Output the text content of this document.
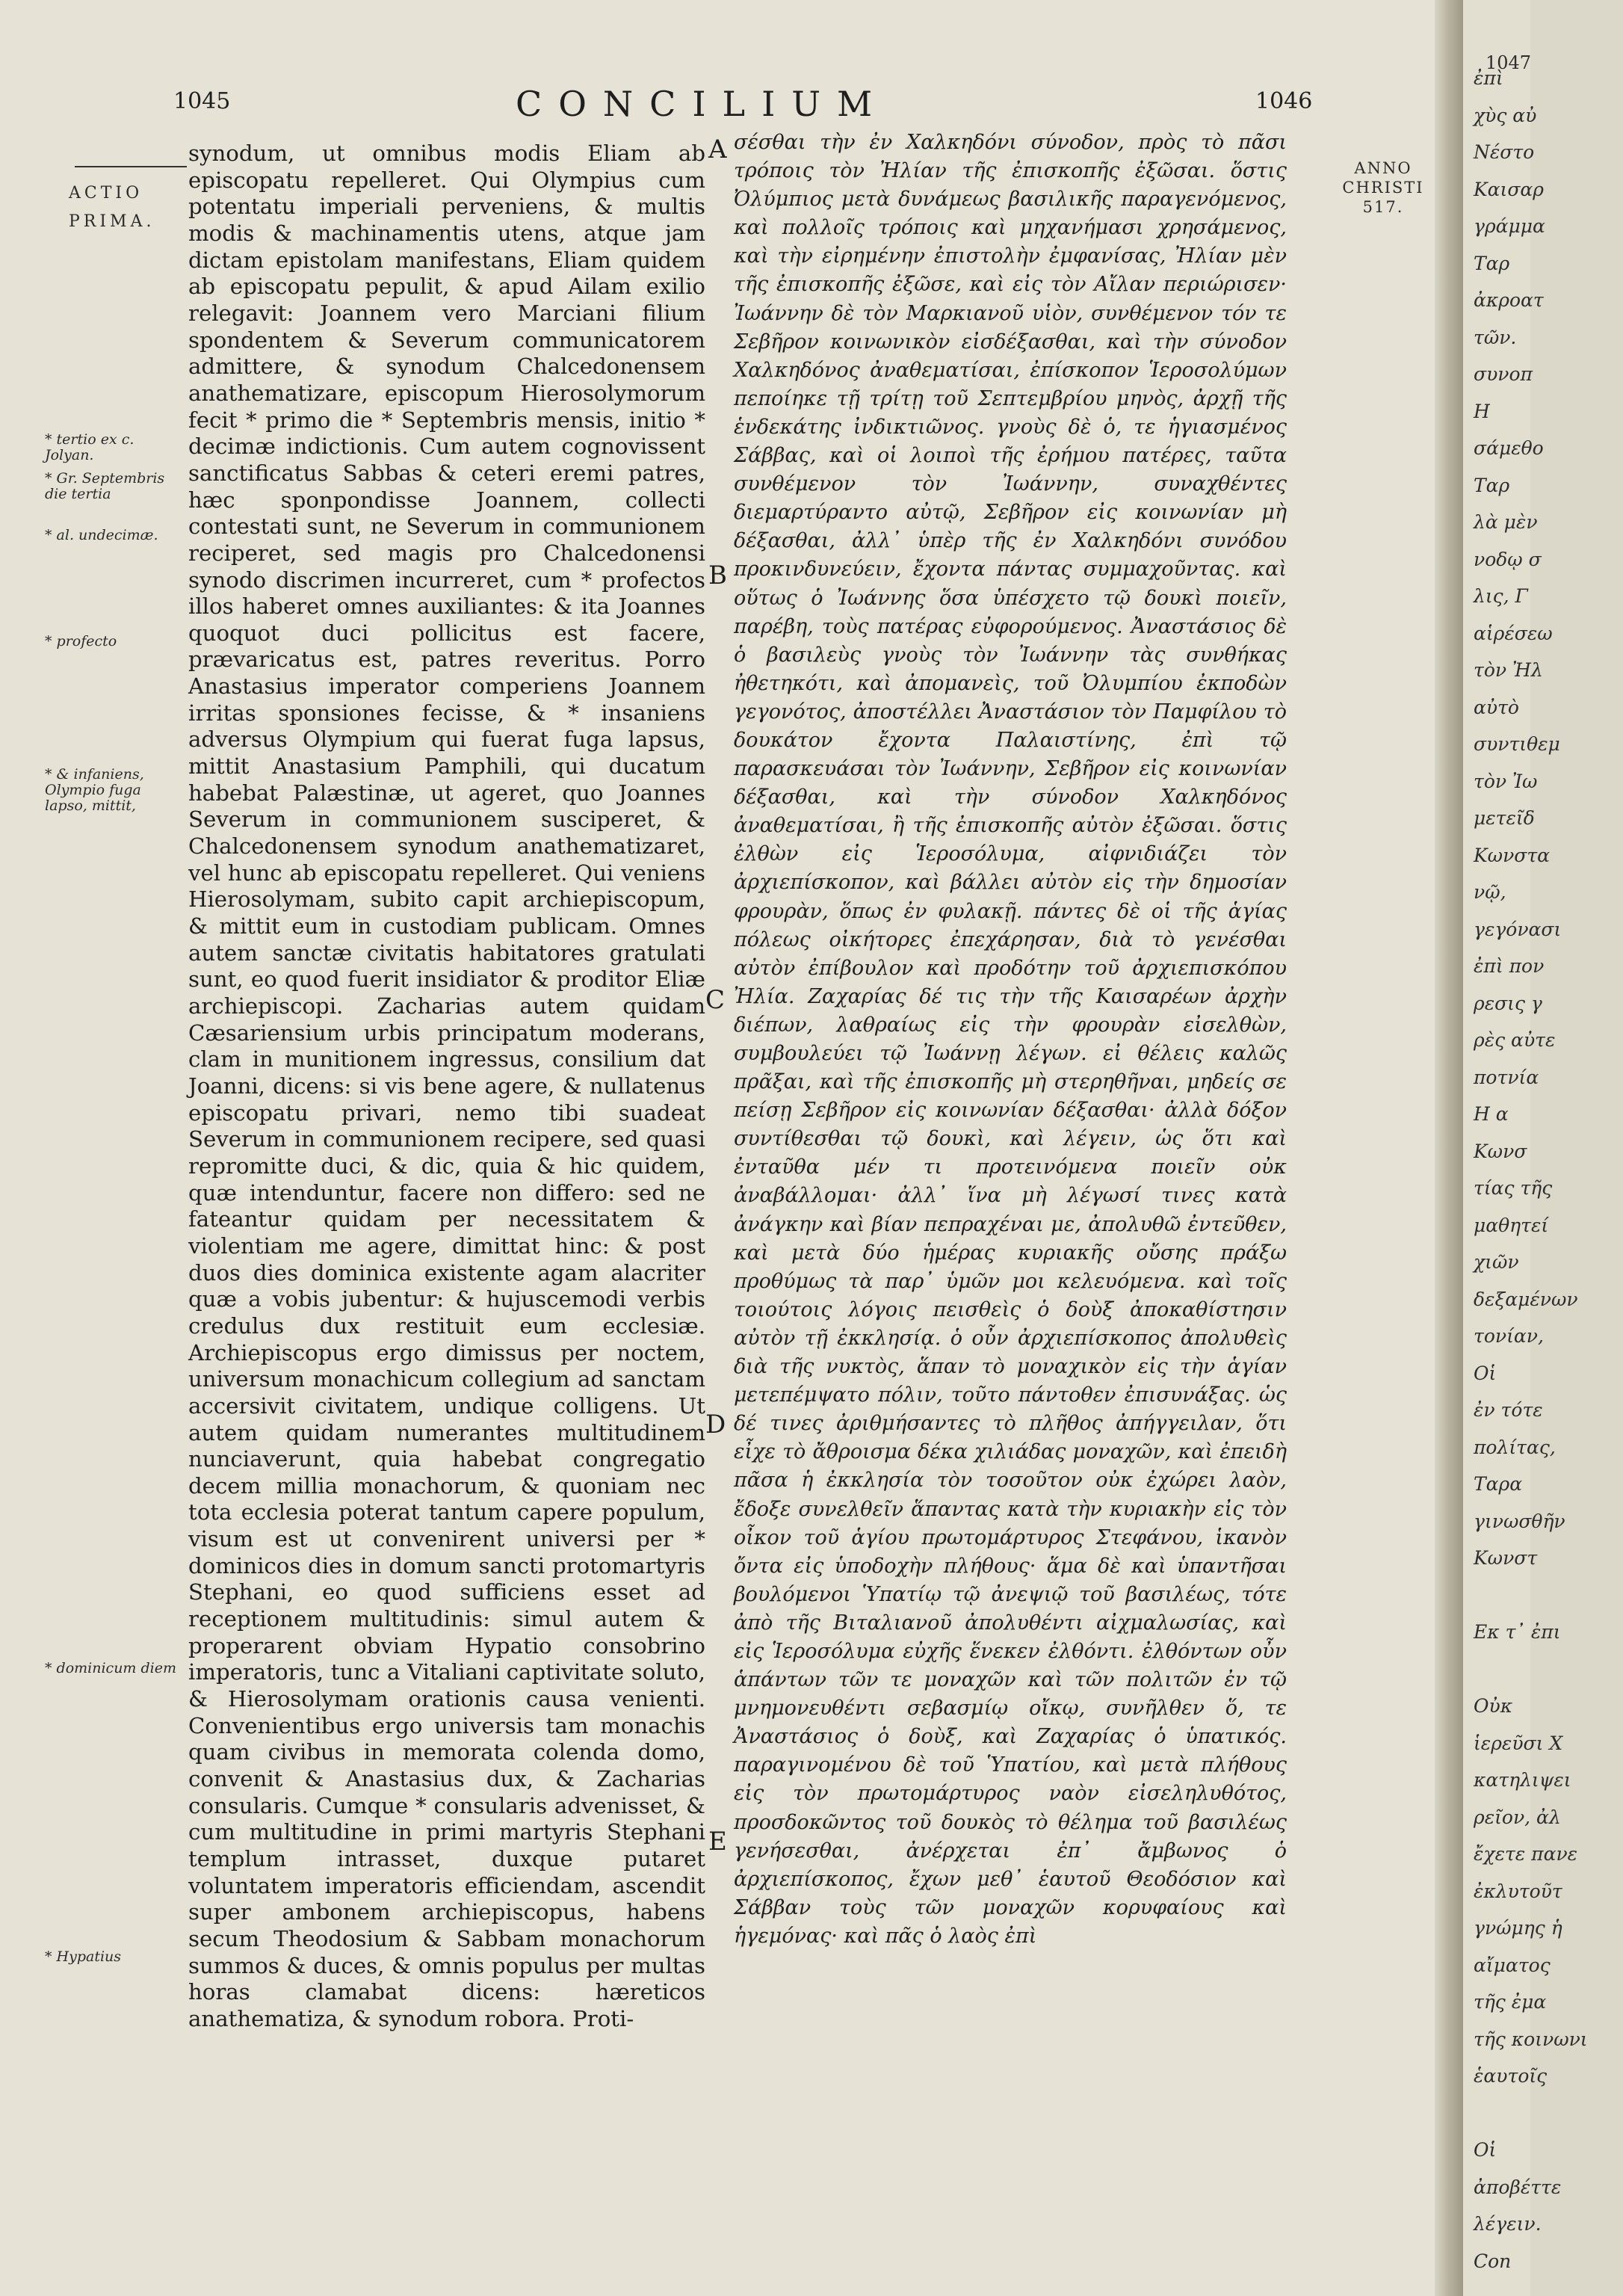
1045	CONCILIUM	1046
ACTIO
PRIMA.
* tertio ex c. Jolyan.
* Gr. Septembris die tertia
* al. undecimæ.
* profecto
* & infaniens, Olympio fuga lapso, mittit,
* dominicum diem
* Hypatius
synodum, ut omnibus modis Eliam ab episcopatu repelleret. Qui Olympius cum potentatu imperiali perveniens, & multis modis & machinamentis utens, atque jam dictam epistolam manifestans, Eliam quidem ab episcopatu pepulit, & apud Ailam exilio relegavit: Joannem vero Marciani filium spondentem & Severum communicatorem admittere, & synodum Chalcedonensem anathematizare, episcopum Hierosolymorum fecit * primo die * Septembris mensis, initio * decimæ indictionis. Cum autem cognovissent sanctificatus Sabbas & ceteri eremi patres, hæc sponpondisse Joannem, collecti contestati sunt, ne Severum in communionem reciperet, sed magis pro Chalcedonensi synodo discrimen incurreret, cum * profectos illos haberet omnes auxiliantes: & ita Joannes quoquot duci pollicitus est facere, prævaricatus est, patres reveritus. Porro Anastasius imperator comperiens Joannem irritas sponsiones fecisse, & * insaniens adversus Olympium qui fuerat fuga lapsus, mittit Anastasium Pamphili, qui ducatum habebat Palæstinæ, ut ageret, quo Joannes Severum in communionem susciperet, & Chalcedonensem synodum anathematizaret, vel hunc ab episcopatu repelleret. Qui veniens Hierosolymam, subito capit archiepiscopum, & mittit eum in custodiam publicam. Omnes autem sanctæ civitatis habitatores gratulati sunt, eo quod fuerit insidiator & proditor Eliæ archiepiscopi. Zacharias autem quidam Cæsariensium urbis principatum moderans, clam in munitionem ingressus, consilium dat Joanni, dicens: si vis bene agere, & nullatenus episcopatu privari, nemo tibi suadeat Severum in communionem recipere, sed quasi repromitte duci, & dic, quia & hic quidem, quæ intenduntur, facere non differo: sed ne fateantur quidam per necessitatem & violentiam me agere, dimittat hinc: & post duos dies dominica existente agam alacriter quæ a vobis jubentur: & hujuscemodi verbis credulus dux restituit eum ecclesiæ. Archiepiscopus ergo dimissus per noctem, universum monachicum collegium ad sanctam accersivit civitatem, undique colligens. Ut autem quidam numerantes multitudinem nunciaverunt, quia habebat congregatio decem millia monachorum, & quoniam nec tota ecclesia poterat tantum capere populum, visum est ut convenirent universi per * dominicos dies in domum sancti protomartyris Stephani, eo quod sufficiens esset ad receptionem multitudinis: simul autem & properarent obviam Hypatio consobrino imperatoris, tunc a Vitaliani captivitate soluto, & Hierosolymam orationis causa venienti. Convenientibus ergo universis tam monachis quam civibus in memorata colenda domo, convenit & Anastasius dux, & Zacharias consularis. Cumque * consularis advenisset, & cum multitudine in primi martyris Stephani templum intrasset, duxque putaret voluntatem imperatoris efficiendam, ascendit super ambonem archiepiscopus, habens secum Theodosium & Sabbam monachorum summos & duces, & omnis populus per multas horas clamabat dicens: hæreticos anathematiza, & synodum robora. Proti-
A
B
C
D
E
σέσθαι τὴν ἐν Χαλκηδόνι σύνοδον, πρὸς τὸ πᾶσι τρόποις τὸν Ἠλίαν τῆς ἐπισκοπῆς ἐξῶσαι. ὅστις Ὀλύμπιος μετὰ δυνάμεως βασιλικῆς παραγενόμενος, καὶ πολλοῖς τρόποις καὶ μηχανήμασι χρησάμενος, καὶ τὴν εἰρημένην ἐπιστολὴν ἐμφανίσας, Ἠλίαν μὲν τῆς ἐπισκοπῆς ἐξῶσε, καὶ εἰς τὸν Αἴλαν περιώρισεν· Ἰωάννην δὲ τὸν Μαρκιανοῦ υἱὸν, συνθέμενον τόν τε Σεβῆρον κοινωνικὸν εἰσδέξασθαι, καὶ τὴν σύνοδον Χαλκηδόνος ἀναθεματίσαι, ἐπίσκοπον Ἱεροσολύμων πεποίηκε τῇ τρίτῃ τοῦ Σεπτεμβρίου μηνὸς, ἀρχῇ τῆς ἑνδεκάτης ἰνδικτιῶνος. γνοὺς δὲ ὁ, τε ἡγιασμένος Σάββας, καὶ οἱ λοιποὶ τῆς ἐρήμου πατέρες, ταῦτα συνθέμενον τὸν Ἰωάννην, συναχθέντες διεμαρτύραντο αὐτῷ, Σεβῆρον εἰς κοινωνίαν μὴ δέξασθαι, ἀλλ᾽ ὑπὲρ τῆς ἐν Χαλκηδόνι συνόδου προκινδυνεύειν, ἔχοντα πάντας συμμαχοῦντας. καὶ οὕτως ὁ Ἰωάννης ὅσα ὑπέσχετο τῷ δουκὶ ποιεῖν, παρέβη, τοὺς πατέρας εὐφορούμενος. Ἀναστάσιος δὲ ὁ βασιλεὺς γνοὺς τὸν Ἰωάννην τὰς συνθήκας ἠθετηκότι, καὶ ἀπομανεὶς, τοῦ Ὀλυμπίου ἐκποδὼν γεγονότος, ἀποστέλλει Ἀναστάσιον τὸν Παμφίλου τὸ δουκάτον ἔχοντα Παλαιστίνης, ἐπὶ τῷ παρασκευάσαι τὸν Ἰωάννην, Σεβῆρον εἰς κοινωνίαν δέξασθαι, καὶ τὴν σύνοδον Χαλκηδόνος ἀναθεματίσαι, ἢ τῆς ἐπισκοπῆς αὐτὸν ἐξῶσαι. ὅστις ἐλθὼν εἰς Ἱεροσόλυμα, αἰφνιδιάζει τὸν ἀρχιεπίσκοπον, καὶ βάλλει αὐτὸν εἰς τὴν δημοσίαν φρουρὰν, ὅπως ἐν φυλακῇ. πάντες δὲ οἱ τῆς ἁγίας πόλεως οἰκήτορες ἐπεχάρησαν, διὰ τὸ γενέσθαι αὐτὸν ἐπίβουλον καὶ προδότην τοῦ ἀρχιεπισκόπου Ἠλία. Ζαχαρίας δέ τις τὴν τῆς Καισαρέων ἀρχὴν διέπων, λαθραίως εἰς τὴν φρουρὰν εἰσελθὼν, συμβουλεύει τῷ Ἰωάννῃ λέγων. εἰ θέλεις καλῶς πρᾶξαι, καὶ τῆς ἐπισκοπῆς μὴ στερηθῆναι, μηδείς σε πείσῃ Σεβῆρον εἰς κοινωνίαν δέξασθαι· ἀλλὰ δόξον συντίθεσθαι τῷ δουκὶ, καὶ λέγειν, ὡς ὅτι καὶ ἐνταῦθα μέν τι προτεινόμενα ποιεῖν οὐκ ἀναβάλλομαι· ἀλλ᾽ ἵνα μὴ λέγωσί τινες κατὰ ἀνάγκην καὶ βίαν πεπραχέναι με, ἀπολυθῶ ἐντεῦθεν, καὶ μετὰ δύο ἡμέρας κυριακῆς οὔσης πράξω προθύμως τὰ παρ᾽ ὑμῶν μοι κελευόμενα. καὶ τοῖς τοιούτοις λόγοις πεισθεὶς ὁ δοὺξ ἀποκαθίστησιν αὐτὸν τῇ ἐκκλησίᾳ. ὁ οὖν ἀρχιεπίσκοπος ἀπολυθεὶς διὰ τῆς νυκτὸς, ἅπαν τὸ μοναχικὸν εἰς τὴν ἁγίαν μετεπέμψατο πόλιν, τοῦτο πάντοθεν ἐπισυνάξας. ὡς δέ τινες ἀριθμήσαντες τὸ πλῆθος ἀπήγγειλαν, ὅτι εἶχε τὸ ἄθροισμα δέκα χιλιάδας μοναχῶν, καὶ ἐπειδὴ πᾶσα ἡ ἐκκλησία τὸν τοσοῦτον οὐκ ἐχώρει λαὸν, ἔδοξε συνελθεῖν ἅπαντας κατὰ τὴν κυριακὴν εἰς τὸν οἶκον τοῦ ἁγίου πρωτομάρτυρος Στεφάνου, ἱκανὸν ὄντα εἰς ὑποδοχὴν πλήθους· ἅμα δὲ καὶ ὑπαντῆσαι βουλόμενοι Ὑπατίῳ τῷ ἀνεψιῷ τοῦ βασιλέως, τότε ἀπὸ τῆς Βιταλιανοῦ ἀπολυθέντι αἰχμαλωσίας, καὶ εἰς Ἱεροσόλυμα εὐχῆς ἕνεκεν ἐλθόντι. ἐλθόντων οὖν ἁπάντων τῶν τε μοναχῶν καὶ τῶν πολιτῶν ἐν τῷ μνημονευθέντι σεβασμίῳ οἴκῳ, συνῆλθεν ὅ, τε Ἀναστάσιος ὁ δοὺξ, καὶ Ζαχαρίας ὁ ὑπατικός. παραγινομένου δὲ τοῦ Ὑπατίου, καὶ μετὰ πλήθους εἰς τὸν πρωτομάρτυρος ναὸν εἰσεληλυθότος, προσδοκῶντος τοῦ δουκὸς τὸ θέλημα τοῦ βασιλέως γενήσεσθαι, ἀνέρχεται ἐπ᾽ ἄμβωνος ὁ ἀρχιεπίσκοπος, ἔχων μεθ᾽ ἑαυτοῦ Θεοδόσιον καὶ Σάββαν τοὺς τῶν μοναχῶν κορυφαίους καὶ ἡγεμόνας· καὶ πᾶς ὁ λαὸς ἐπὶ
ANNO
CHRISTI
517.
1047
ἐπὶ
χὺς αὐ
Νέστο
Καισαρ
γράμμα
Ταρ
ἀκροατ
τῶν.
συνοπ
Η
σάμεθο
Ταρ
λὰ μὲν
νοδῳ σ
λις, Γ
αἱρέσεω
τὸν Ἠλ
αὐτὸ
συντιθεμ
τὸν Ἰω
μετεῖδ
Κωνστα
νῷ,
γεγόνασι
ἐπὶ πον
ρεσις γ
ρὲς αὐτε
ποτνία
Η α
Κωνσ
τίας τῆς
μαθητεί
χιῶν
δεξαμένων
τονίαν,
Οἱ
ἐν τότε
πολίτας,
Ταρα
γινωσθῆν
Κωνστ

Εκ τ᾽ ἐπι

Οὐκ
ἱερεῦσι Χ
κατηλιψει
ρεῖον, ἀλ
ἔχετε πανε
ἐκλυτοῦτ
γνώμης ἡ
αἴματος
τῆς ἐμα
τῆς κοινωνι
ἑαυτοῖς

Οἱ
ἀποβέττε
λέγειν.
Con
